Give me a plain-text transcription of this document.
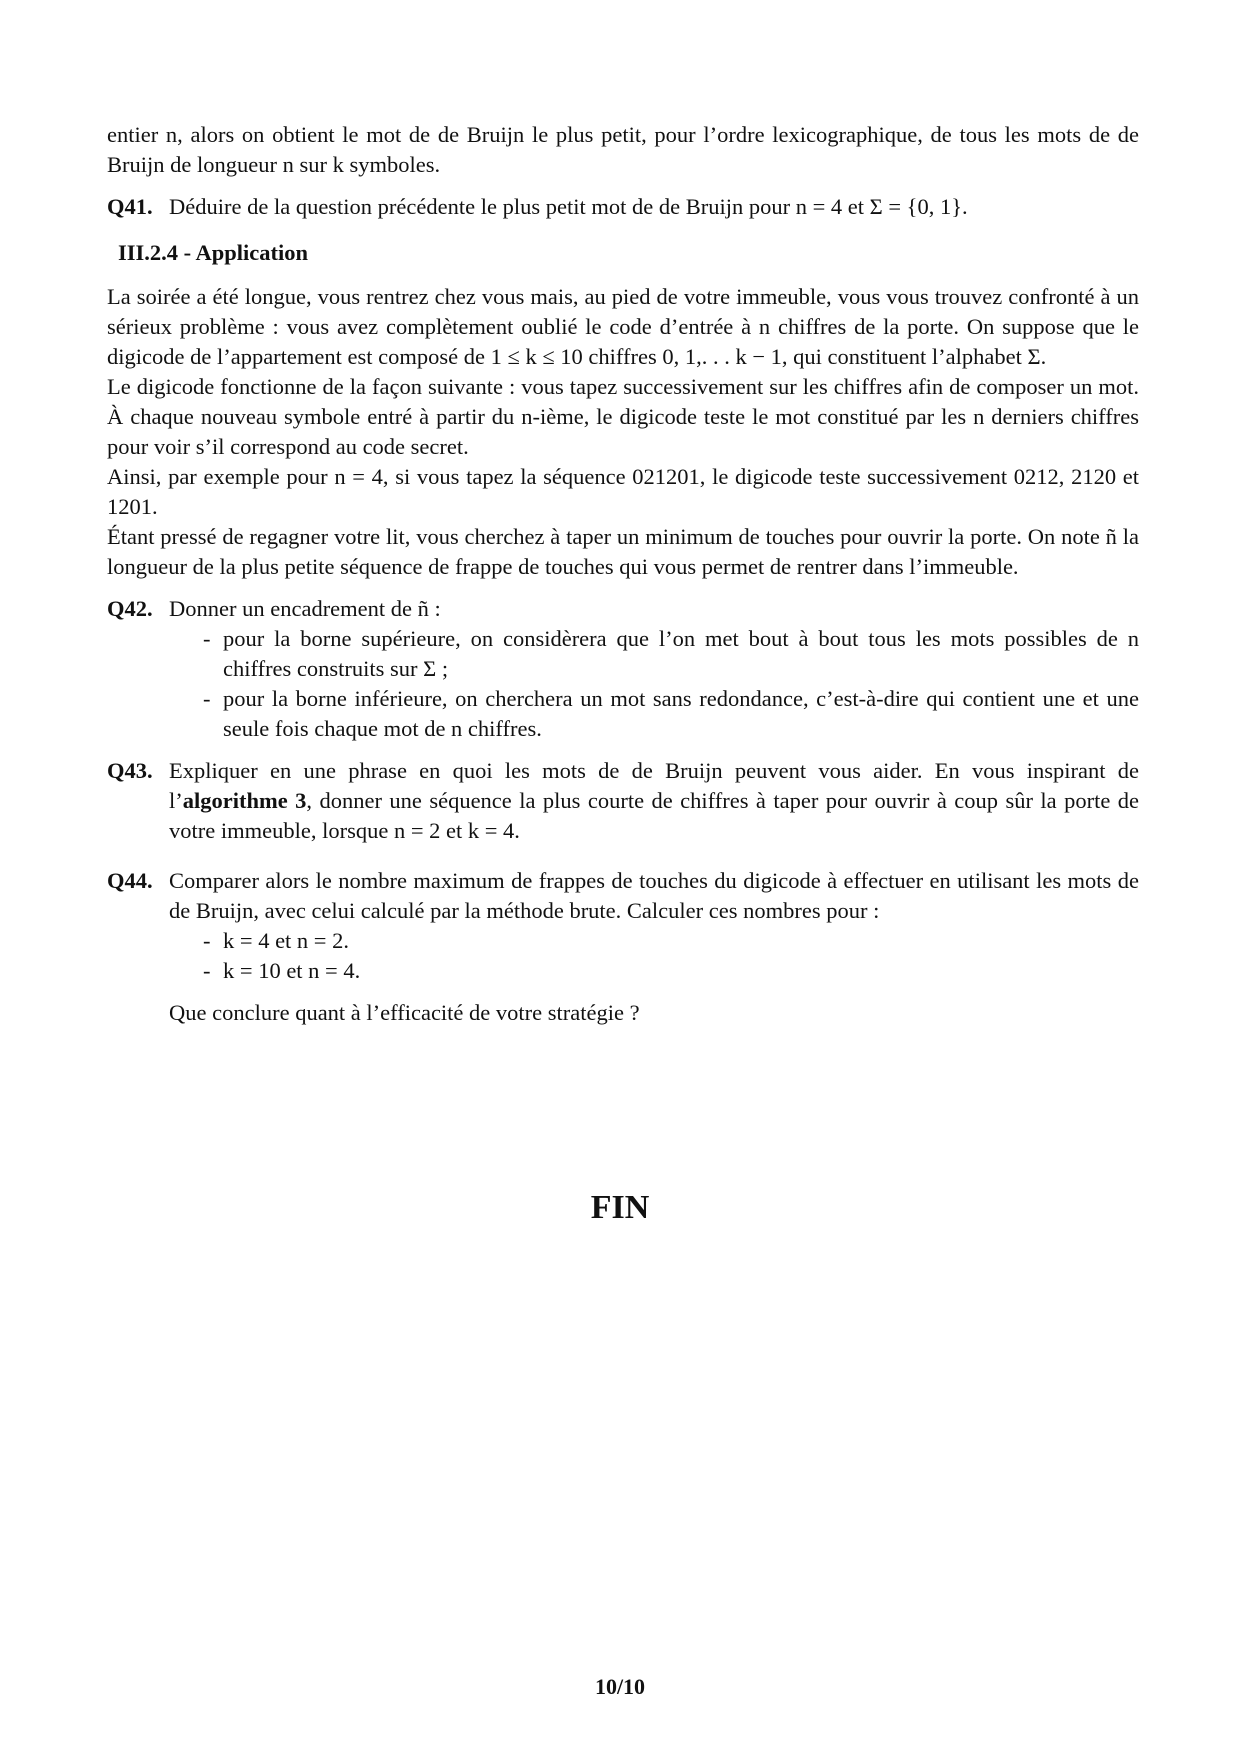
entier n, alors on obtient le mot de de Bruijn le plus petit, pour l’ordre lexicographique, de tous les mots de de Bruijn de longueur n sur k symboles.

Q41. Déduire de la question précédente le plus petit mot de de Bruijn pour n = 4 et Σ = {0, 1}.
III.2.4 - Application

La soirée a été longue, vous rentrez chez vous mais, au pied de votre immeuble, vous vous trouvez confronté à un sérieux problème : vous avez complètement oublié le code d’entrée à n chiffres de la porte. On suppose que le digicode de l’appartement est composé de 1 ≤ k ≤ 10 chiffres 0, 1,. . . k − 1, qui constituent l’alphabet Σ.

Le digicode fonctionne de la façon suivante : vous tapez successivement sur les chiffres afin de composer un mot. À chaque nouveau symbole entré à partir du n-ième, le digicode teste le mot constitué par les n derniers chiffres pour voir s’il correspond au code secret.

Ainsi, par exemple pour n = 4, si vous tapez la séquence 021201, le digicode teste successivement 0212, 2120 et 1201.

Étant pressé de regagner votre lit, vous cherchez à taper un minimum de touches pour ouvrir la porte. On note ñ la longueur de la plus petite séquence de frappe de touches qui vous permet de rentrer dans l’immeuble.

Q42. Donner un encadrement de ñ :
- pour la borne supérieure, on considèrera que l’on met bout à bout tous les mots possibles de n chiffres construits sur Σ ;
- pour la borne inférieure, on cherchera un mot sans redondance, c’est-à-dire qui contient une et une seule fois chaque mot de n chiffres.
Q43. Expliquer en une phrase en quoi les mots de de Bruijn peuvent vous aider. En vous inspirant de l’algorithme 3, donner une séquence la plus courte de chiffres à taper pour ouvrir à coup sûr la porte de votre immeuble, lorsque n = 2 et k = 4.
Q44. Comparer alors le nombre maximum de frappes de touches du digicode à effectuer en utilisant les mots de de Bruijn, avec celui calculé par la méthode brute. Calculer ces nombres pour :
- k = 4 et n = 2.
- k = 10 et n = 4.
Que conclure quant à l’efficacité de votre stratégie ?
FIN
10/10
